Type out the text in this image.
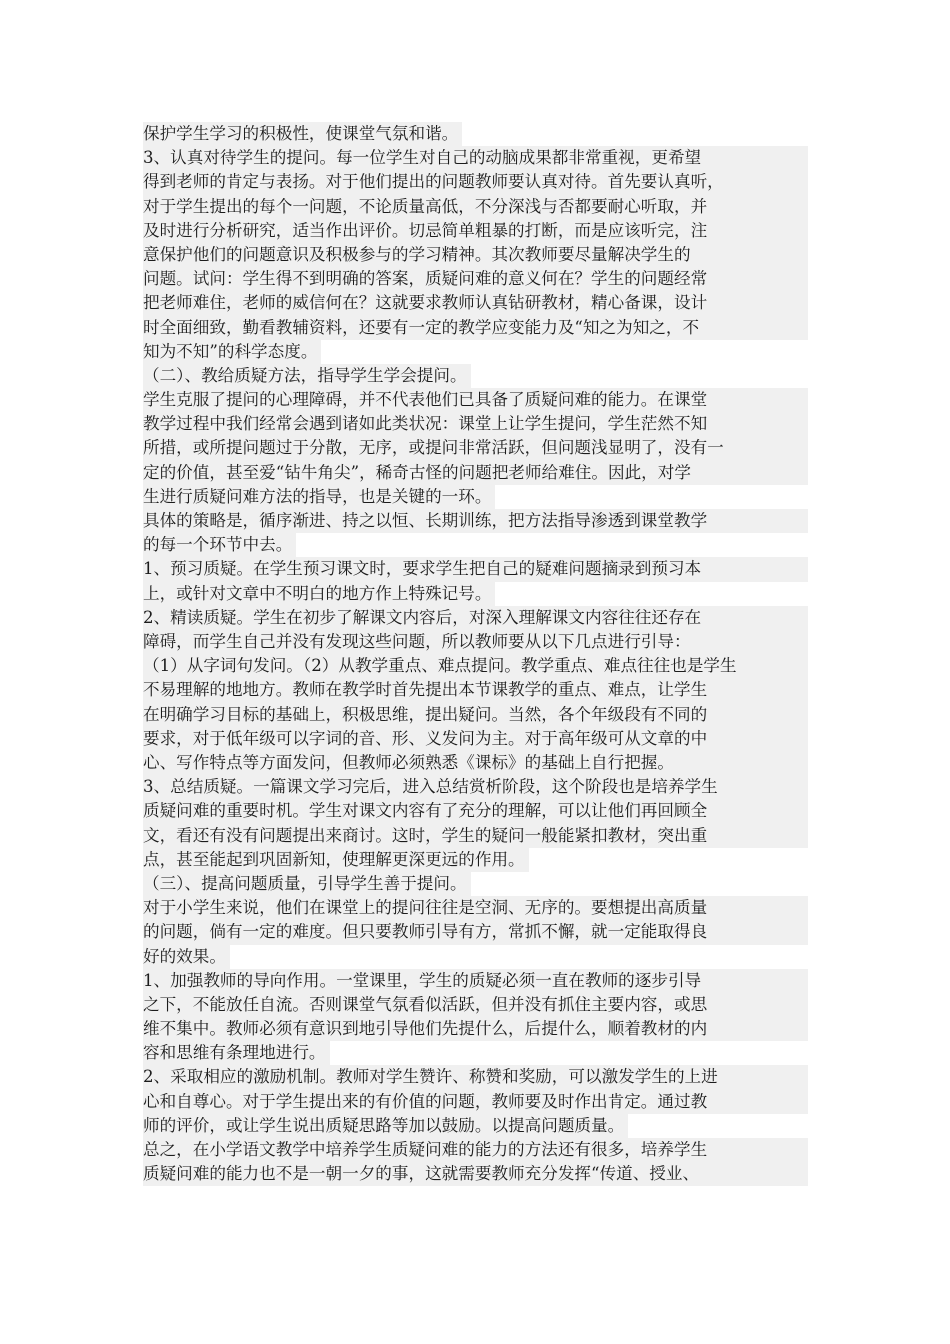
保护学生学习的积极性，使课堂气氛和谐。

3、认真对待学生的提问。每一位学生对自己的动脑成果都非常重视，更希望

得到老师的肯定与表扬。对于他们提出的问题教师要认真对待。首先要认真听，

对于学生提出的每个一问题，不论质量高低，不分深浅与否都要耐心听取，并

及时进行分析研究，适当作出评价。切忌简单粗暴的打断，而是应该听完，注

意保护他们的问题意识及积极参与的学习精神。其次教师要尽量解决学生的

问题。试问：学生得不到明确的答案，质疑问难的意义何在？学生的问题经常

把老师难住，老师的威信何在？这就要求教师认真钻研教材，精心备课，设计

时全面细致，勤看教辅资料，还要有一定的教学应变能力及“知之为知之，不

知为不知”的科学态度。

（二）、教给质疑方法，指导学生学会提问。

学生克服了提问的心理障碍，并不代表他们已具备了质疑问难的能力。在课堂

教学过程中我们经常会遇到诸如此类状况：课堂上让学生提问，学生茫然不知

所措，或所提问题过于分散，无序，或提问非常活跃，但问题浅显明了，没有一

定的价值，甚至爱“钻牛角尖”，稀奇古怪的问题把老师给难住。因此，对学

生进行质疑问难方法的指导，也是关键的一环。

具体的策略是，循序渐进、持之以恒、长期训练，把方法指导渗透到课堂教学

的每一个环节中去。

1、预习质疑。在学生预习课文时，要求学生把自己的疑难问题摘录到预习本

上，或针对文章中不明白的地方作上特殊记号。

2、精读质疑。学生在初步了解课文内容后，对深入理解课文内容往往还存在

障碍，而学生自己并没有发现这些问题，所以教师要从以下几点进行引导：

（1）从字词句发问。（2）从教学重点、难点提问。教学重点、难点往往也是学生

不易理解的地地方。教师在教学时首先提出本节课教学的重点、难点，让学生

在明确学习目标的基础上，积极思维，提出疑问。当然，各个年级段有不同的

要求，对于低年级可以字词的音、形、义发问为主。对于高年级可从文章的中

心、写作特点等方面发问，但教师必须熟悉《课标》的基础上自行把握。

3、总结质疑。一篇课文学习完后，进入总结赏析阶段，这个阶段也是培养学生

质疑问难的重要时机。学生对课文内容有了充分的理解，可以让他们再回顾全

文，看还有没有问题提出来商讨。这时，学生的疑问一般能紧扣教材，突出重

点，甚至能起到巩固新知，使理解更深更远的作用。

（三）、提高问题质量，引导学生善于提问。

对于小学生来说，他们在课堂上的提问往往是空洞、无序的。要想提出高质量

的问题，倘有一定的难度。但只要教师引导有方，常抓不懈，就一定能取得良

好的效果。

1、加强教师的导向作用。一堂课里，学生的质疑必须一直在教师的逐步引导

之下，不能放任自流。否则课堂气氛看似活跃，但并没有抓住主要内容，或思

维不集中。教师必须有意识到地引导他们先提什么，后提什么，顺着教材的内

容和思维有条理地进行。

2、采取相应的激励机制。教师对学生赞许、称赞和奖励，可以激发学生的上进

心和自尊心。对于学生提出来的有价值的问题，教师要及时作出肯定。通过教

师的评价，或让学生说出质疑思路等加以鼓励。以提高问题质量。

总之，在小学语文教学中培养学生质疑问难的能力的方法还有很多，培养学生

质疑问难的能力也不是一朝一夕的事，这就需要教师充分发挥“传道、授业、
